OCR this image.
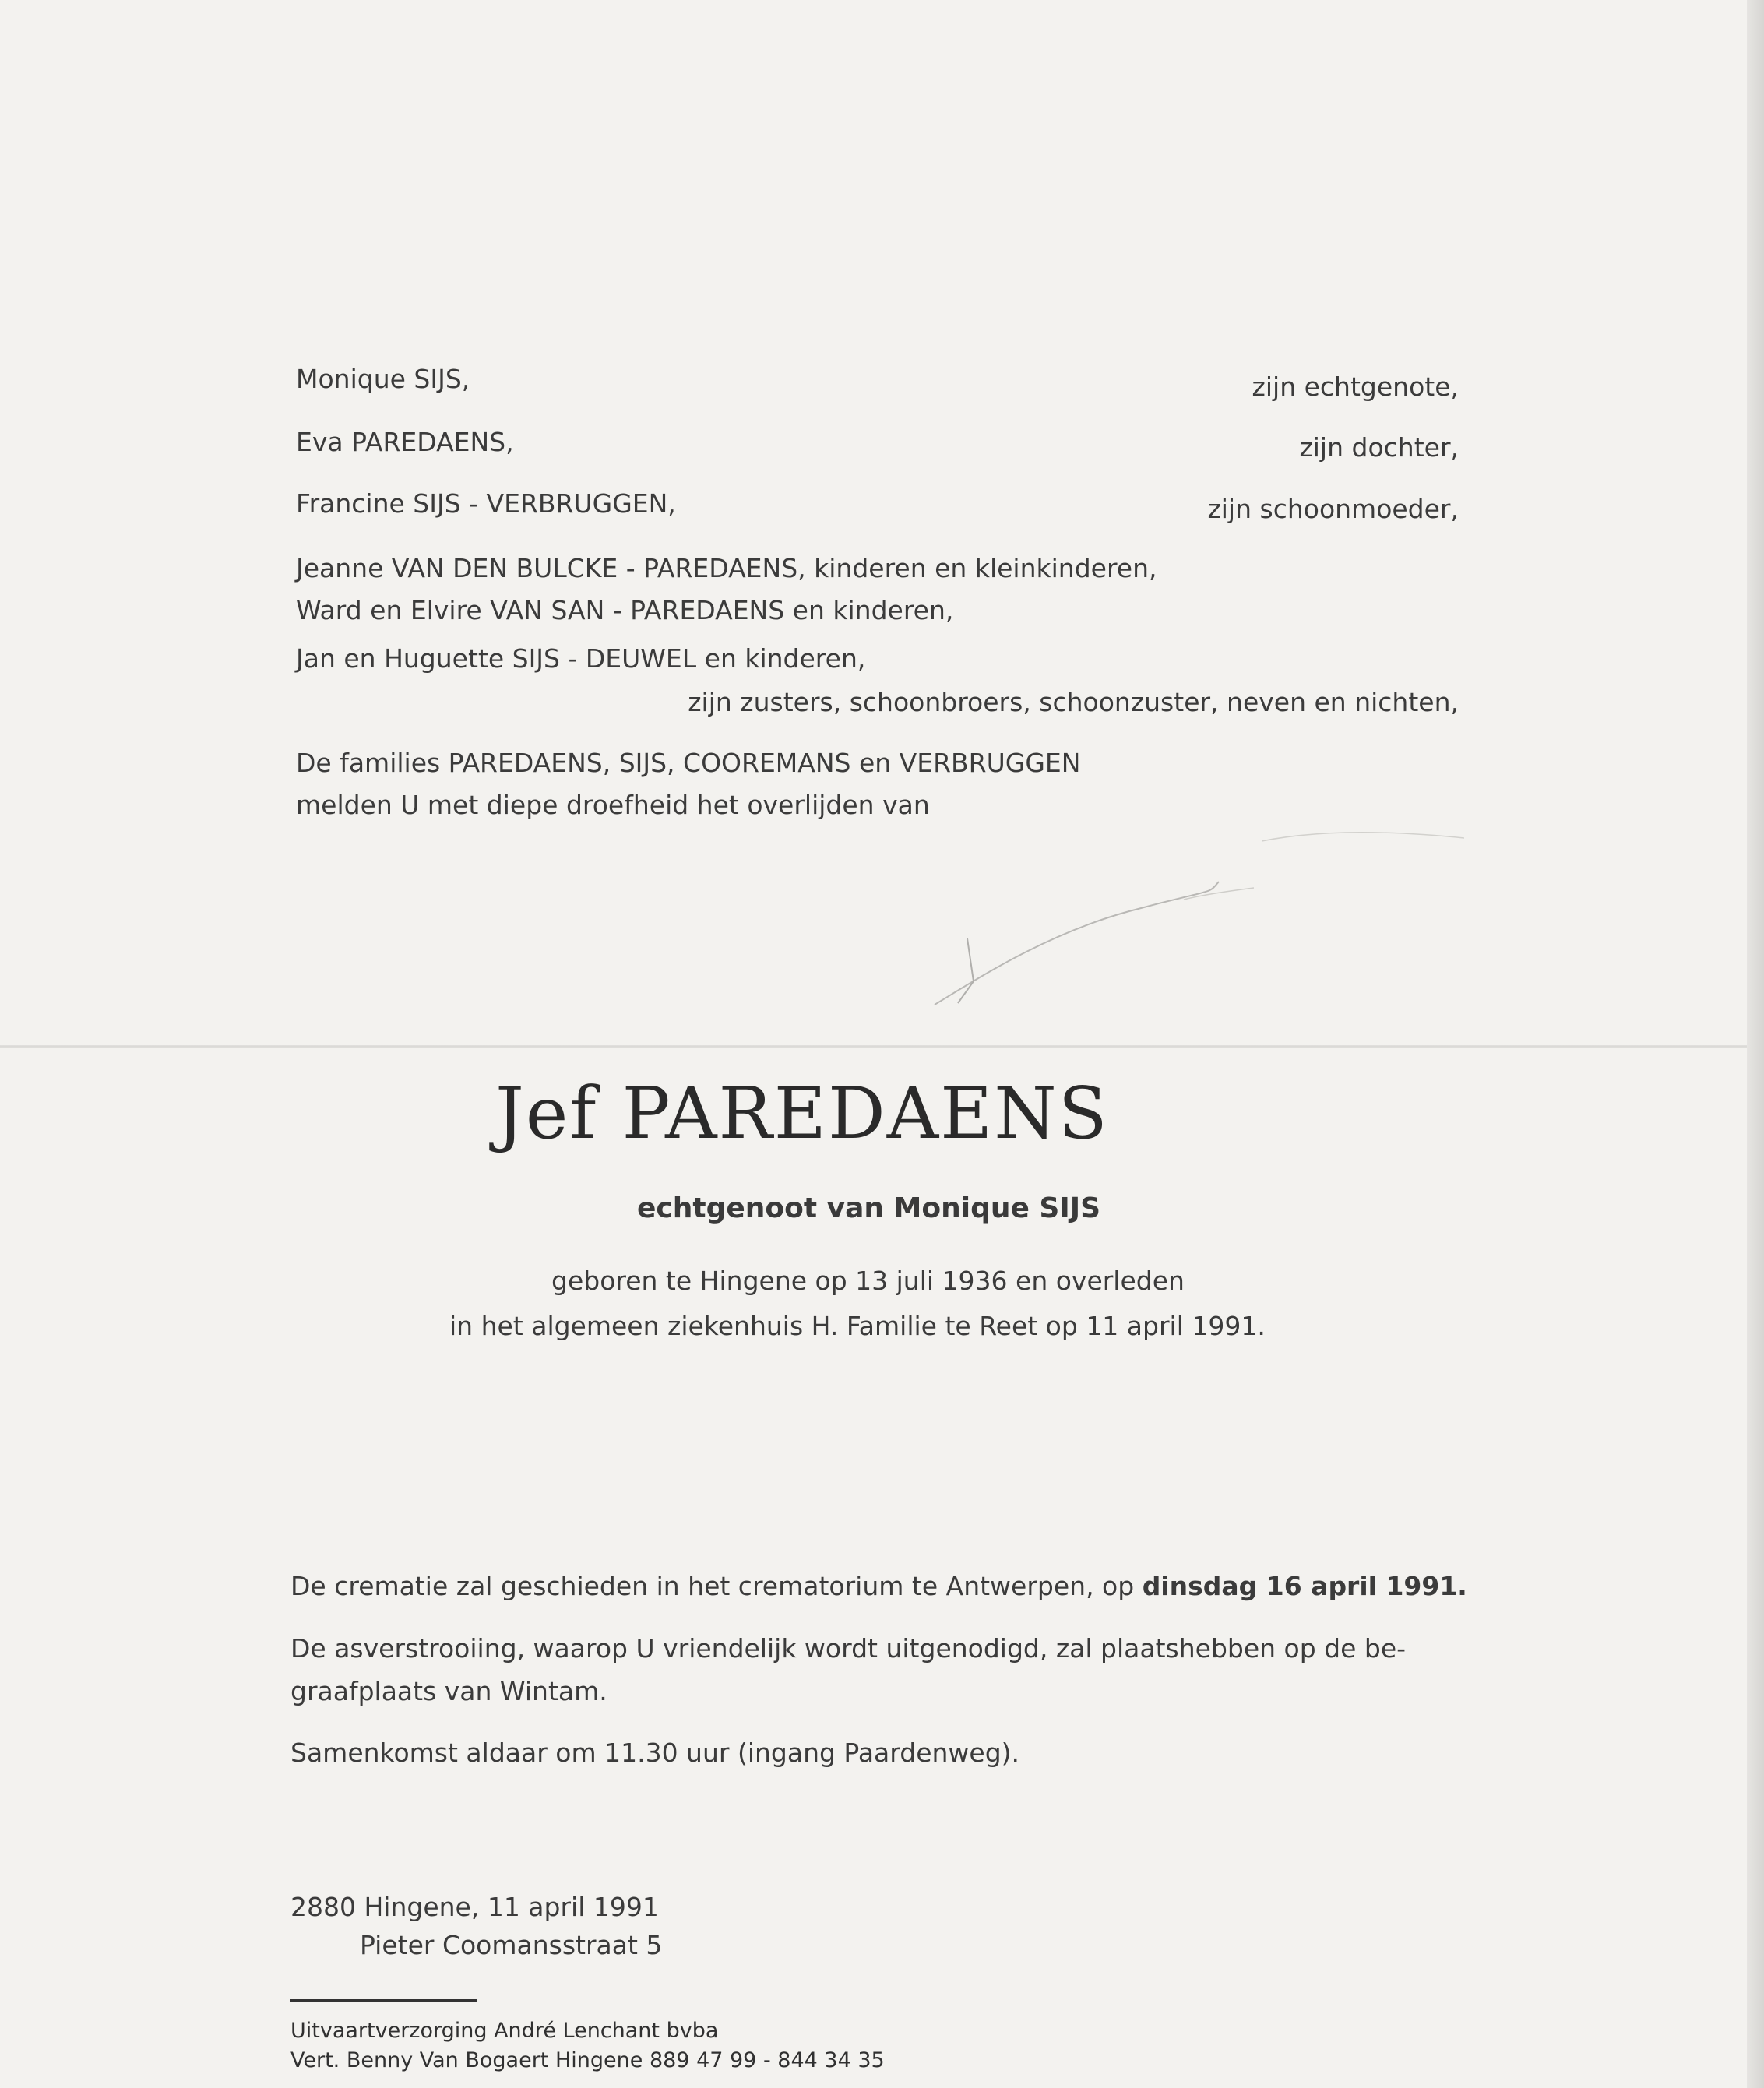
Monique SIJS,	zijn echtgenote,
Eva PAREDAENS,	zijn dochter,
Francine SIJS - VERBRUGGEN,	zijn schoonmoeder,
Jeanne VAN DEN BULCKE - PAREDAENS, kinderen en kleinkinderen,
Ward en Elvire VAN SAN - PAREDAENS en kinderen,
Jan en Huguette SIJS - DEUWEL en kinderen,
zijn zusters, schoonbroers, schoonzuster, neven en nichten,
De families PAREDAENS, SIJS, COOREMANS en VERBRUGGEN
melden U met diepe droefheid het overlijden van
Jef PAREDAENS
echtgenoot van Monique SIJS
geboren te Hingene op 13 juli 1936 en overleden
in het algemeen ziekenhuis H. Familie te Reet op 11 april 1991.
De crematie zal geschieden in het crematorium te Antwerpen, op dinsdag 16 april 1991.
De asverstrooiing, waarop U vriendelijk wordt uitgenodigd, zal plaatshebben op de be-
graafplaats van Wintam.
Samenkomst aldaar om 11.30 uur (ingang Paardenweg).
2880 Hingene, 11 april 1991
Pieter Coomansstraat 5
Uitvaartverzorging André Lenchant bvba
Vert. Benny Van Bogaert Hingene 889 47 99 - 844 34 35
